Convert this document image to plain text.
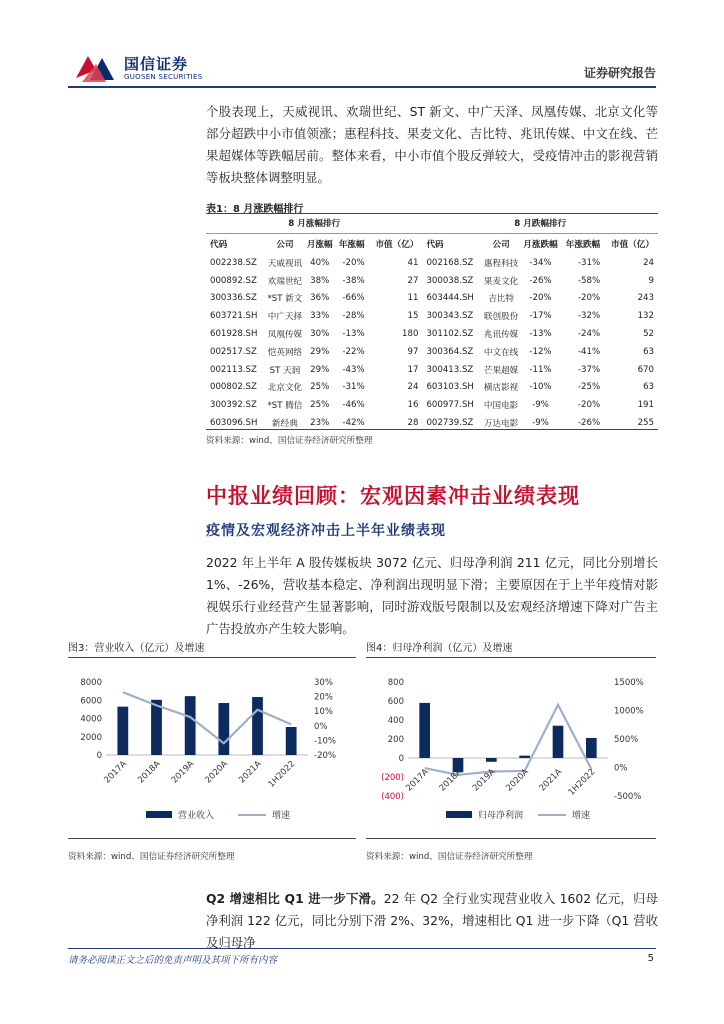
国信证券
GUOSEN SECURITIES	证券研究报告
个股表现上，天威视讯、欢瑞世纪、ST 新文、中广天泽、凤凰传媒、北京文化等部分超跌中小市值领涨；惠程科技、果麦文化、吉比特、兆讯传媒、中文在线、芒果超媒体等跌幅居前。整体来看，中小市值个股反弹较大，受疫情冲击的影视营销等板块整体调整明显。
表1：8 月涨跌幅排行
8 月涨幅排行					8 月跌幅排行				
代码	公司	月涨幅	年涨幅	市值（亿）	代码	公司	月涨跌幅	年涨跌幅	市值（亿）
002238.SZ	天威视讯	40%	-20%	41	002168.SZ	惠程科技	-34%	-31%	24
000892.SZ	欢瑞世纪	38%	-38%	27	300038.SZ	果麦文化	-26%	-58%	9
300336.SZ	*ST 新文	36%	-66%	11	603444.SH	吉比特	-20%	-20%	243
603721.SH	中广天择	33%	-28%	15	300343.SZ	联创股份	-17%	-32%	132
601928.SH	凤凰传媒	30%	-13%	180	301102.SZ	兆讯传媒	-13%	-24%	52
002517.SZ	恺英网络	29%	-22%	97	300364.SZ	中文在线	-12%	-41%	63
002113.SZ	ST 天润	29%	-43%	17	300413.SZ	芒果超媒	-11%	-37%	670
000802.SZ	北京文化	25%	-31%	24	603103.SH	横店影视	-10%	-25%	63
300392.SZ	*ST 腾信	25%	-46%	16	600977.SH	中国电影	-9%	-20%	191
603096.SH	新经典	23%	-42%	28	002739.SZ	万达电影	-9%	-26%	255
资料来源：wind、国信证券经济研究所整理
中报业绩回顾：宏观因素冲击业绩表现
疫情及宏观经济冲击上半年业绩表现
2022 年上半年 A 股传媒板块 3072 亿元、归母净利润 211 亿元，同比分别增长 1%、-26%，营收基本稳定、净利润出现明显下滑；主要原因在于上半年疫情对影视娱乐行业经营产生显著影响，同时游戏版号限制以及宏观经济增速下降对广告主广告投放亦产生较大影响。
图3：营业收入（亿元）及增速	图4：归母净利润（亿元）及增速
0
2000
4000
6000
8000
-20%
-10%
0%
10%
20%
30%
2017A 2018A 2019A 2020A 2021A 1H2022
营业收入	增速
(400)
(200)
0
200
400
600
800
-500%
0%
500%
1000%
1500%
2017A 2018A 2019A 2020A 2021A 1H2022
归母净利润	增速
资料来源：wind、国信证券经济研究所整理	资料来源：wind、国信证券经济研究所整理
Q2 增速相比 Q1 进一步下滑。22 年 Q2 全行业实现营业收入 1602 亿元，归母净利润 122 亿元，同比分别下滑 2%、32%，增速相比 Q1 进一步下降（Q1 营收及归母净
请务必阅读正文之后的免责声明及其项下所有内容	5
